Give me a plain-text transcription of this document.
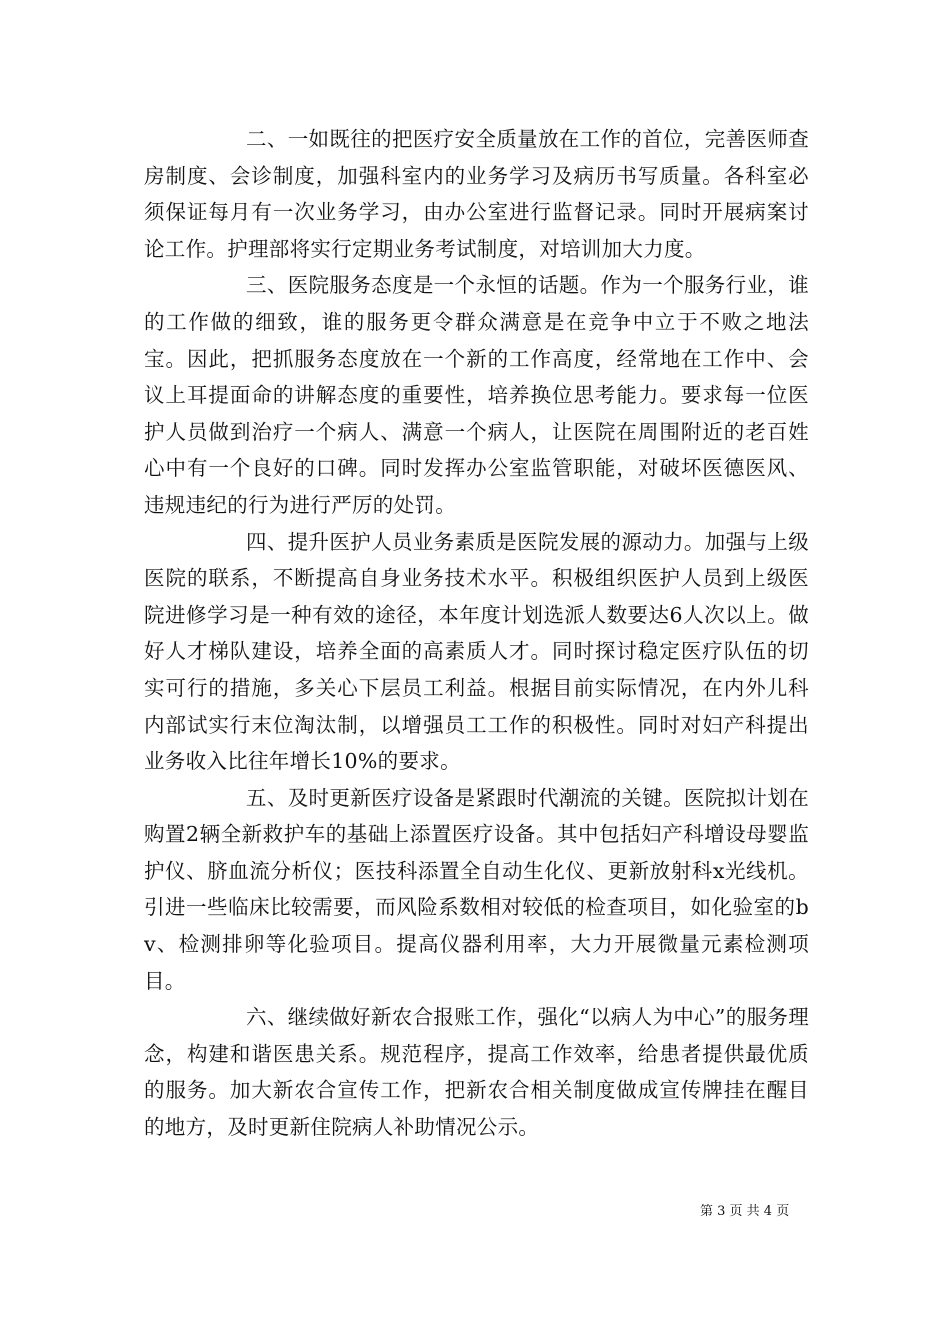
二、一如既往的把医疗安全质量放在工作的首位，完善医师查房制度、会诊制度，加强科室内的业务学习及病历书写质量。各科室必须保证每月有一次业务学习，由办公室进行监督记录。同时开展病案讨论工作。护理部将实行定期业务考试制度，对培训加大力度。

三、医院服务态度是一个永恒的话题。作为一个服务行业，谁的工作做的细致，谁的服务更令群众满意是在竞争中立于不败之地法宝。因此，把抓服务态度放在一个新的工作高度，经常地在工作中、会议上耳提面命的讲解态度的重要性，培养换位思考能力。要求每一位医护人员做到治疗一个病人、满意一个病人，让医院在周围附近的老百姓心中有一个良好的口碑。同时发挥办公室监管职能，对破坏医德医风、违规违纪的行为进行严厉的处罚。

四、提升医护人员业务素质是医院发展的源动力。加强与上级医院的联系，不断提高自身业务技术水平。积极组织医护人员到上级医院进修学习是一种有效的途径，本年度计划选派人数要达6人次以上。做好人才梯队建设，培养全面的高素质人才。同时探讨稳定医疗队伍的切实可行的措施，多关心下层员工利益。根据目前实际情况，在内外儿科内部试实行末位淘汰制，以增强员工工作的积极性。同时对妇产科提出业务收入比往年增长10%的要求。

五、及时更新医疗设备是紧跟时代潮流的关键。医院拟计划在购置2辆全新救护车的基础上添置医疗设备。其中包括妇产科增设母婴监护仪、脐血流分析仪；医技科添置全自动生化仪、更新放射科x光线机。引进一些临床比较需要，而风险系数相对较低的检查项目，如化验室的bv、检测排卵等化验项目。提高仪器利用率，大力开展微量元素检测项目。

六、继续做好新农合报账工作，强化“以病人为中心”的服务理念，构建和谐医患关系。规范程序，提高工作效率，给患者提供最优质的服务。加大新农合宣传工作，把新农合相关制度做成宣传牌挂在醒目的地方，及时更新住院病人补助情况公示。

第 3 页 共 4 页
